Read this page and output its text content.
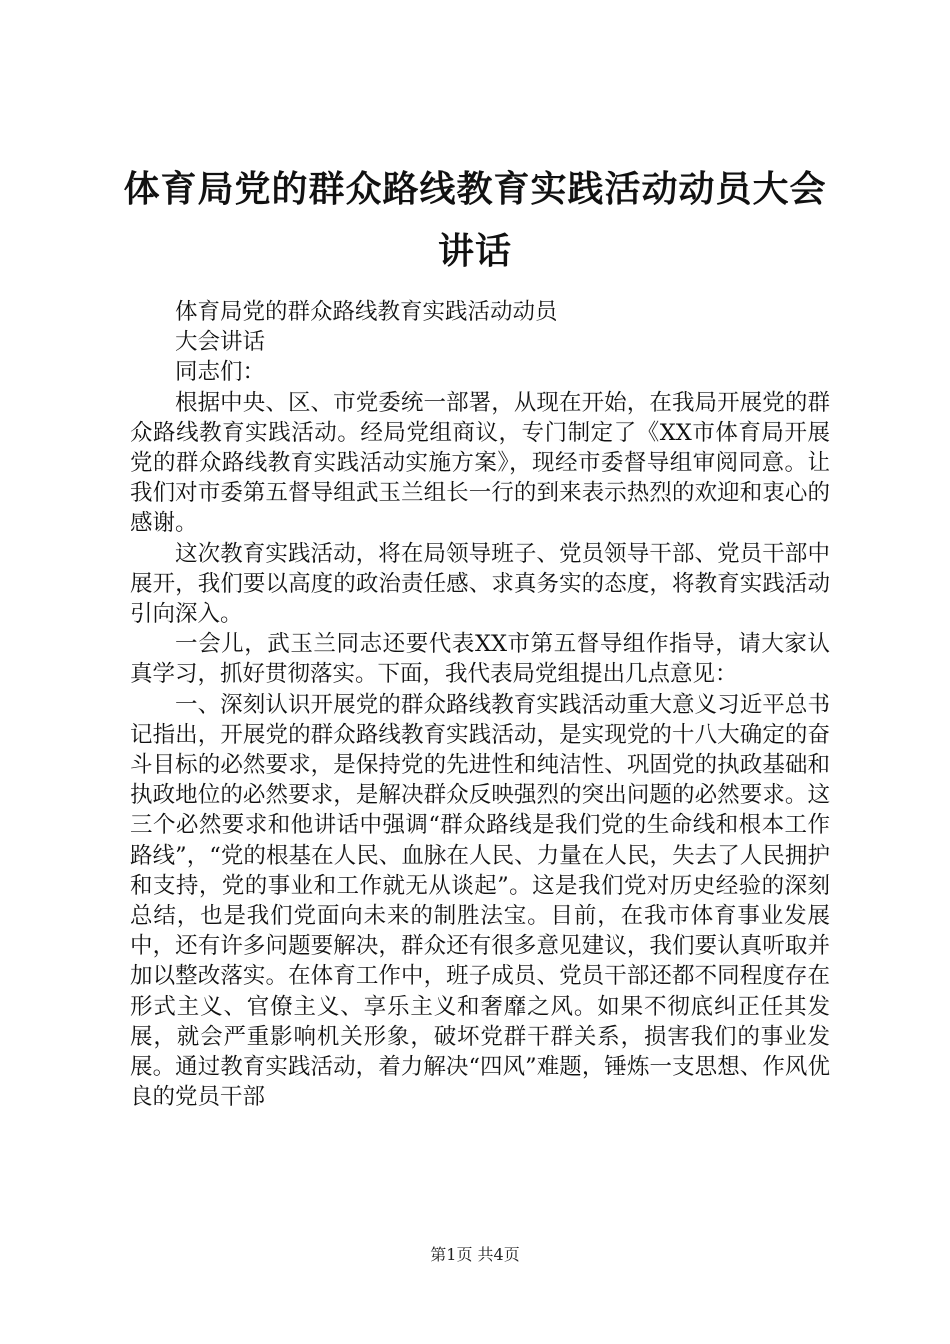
体育局党的群众路线教育实践活动动员大会讲话

体育局党的群众路线教育实践活动动员

大会讲话

同志们：

根据中央、区、市党委统一部署，从现在开始，在我局开展党的群众路线教育实践活动。经局党组商议，专门制定了《XX市体育局开展党的群众路线教育实践活动实施方案》，现经市委督导组审阅同意。让我们对市委第五督导组武玉兰组长一行的到来表示热烈的欢迎和衷心的感谢。

这次教育实践活动，将在局领导班子、党员领导干部、党员干部中展开，我们要以高度的政治责任感、求真务实的态度，将教育实践活动引向深入。

一会儿，武玉兰同志还要代表XX市第五督导组作指导，请大家认真学习，抓好贯彻落实。下面，我代表局党组提出几点意见：

一、深刻认识开展党的群众路线教育实践活动重大意义习近平总书记指出，开展党的群众路线教育实践活动，是实现党的十八大确定的奋斗目标的必然要求，是保持党的先进性和纯洁性、巩固党的执政基础和执政地位的必然要求，是解决群众反映强烈的突出问题的必然要求。这三个必然要求和他讲话中强调“群众路线是我们党的生命线和根本工作路线”，“党的根基在人民、血脉在人民、力量在人民，失去了人民拥护和支持，党的事业和工作就无从谈起”。这是我们党对历史经验的深刻总结，也是我们党面向未来的制胜法宝。目前，在我市体育事业发展中，还有许多问题要解决，群众还有很多意见建议，我们要认真听取并加以整改落实。在体育工作中，班子成员、党员干部还都不同程度存在形式主义、官僚主义、享乐主义和奢靡之风。如果不彻底纠正任其发展，就会严重影响机关形象，破坏党群干群关系，损害我们的事业发展。通过教育实践活动，着力解决“四风”难题，锤炼一支思想、作风优良的党员干部

第1页 共4页
